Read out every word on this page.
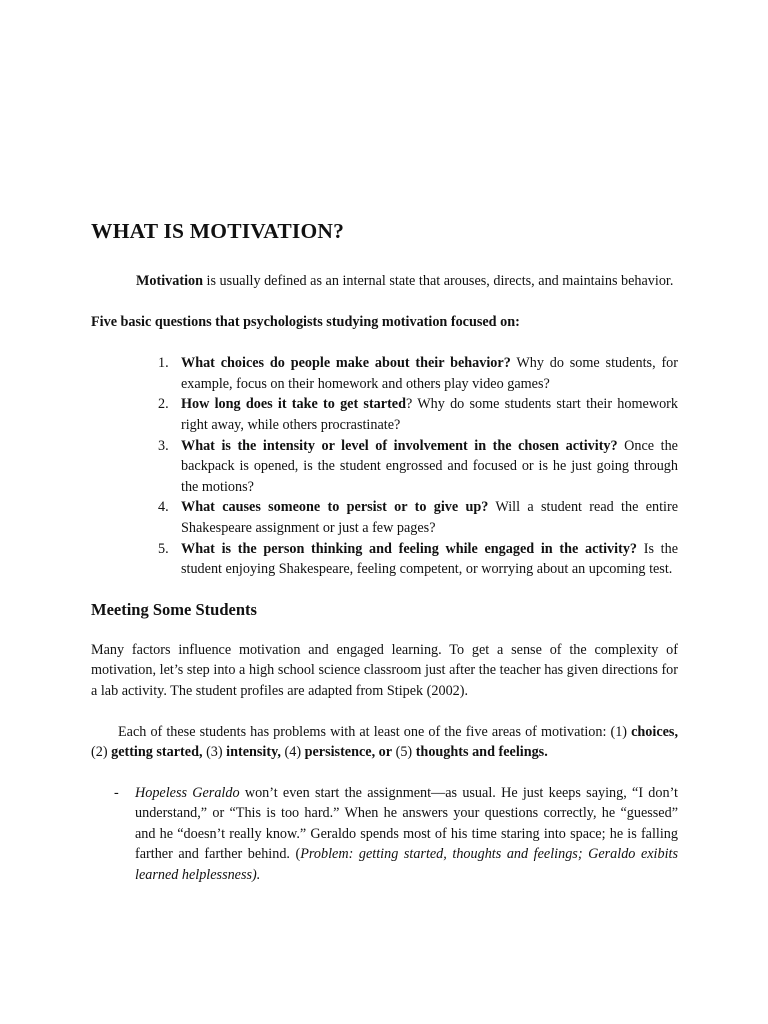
WHAT IS MOTIVATION?

Motivation is usually defined as an internal state that arouses, directs, and maintains behavior.

Five basic questions that psychologists studying motivation focused on:

1. What choices do people make about their behavior? Why do some students, for example, focus on their homework and others play video games?
2. How long does it take to get started? Why do some students start their homework right away, while others procrastinate?
3. What is the intensity or level of involvement in the chosen activity? Once the backpack is opened, is the student engrossed and focused or is he just going through the motions?
4. What causes someone to persist or to give up? Will a student read the entire Shakespeare assignment or just a few pages?
5. What is the person thinking and feeling while engaged in the activity? Is the student enjoying Shakespeare, feeling competent, or worrying about an upcoming test.
Meeting Some Students

Many factors influence motivation and engaged learning. To get a sense of the complexity of motivation, let’s step into a high school science classroom just after the teacher has given directions for a lab activity. The student profiles are adapted from Stipek (2002).

Each of these students has problems with at least one of the five areas of motivation: (1) choices, (2) getting started, (3) intensity, (4) persistence, or (5) thoughts and feelings.

- Hopeless Geraldo won’t even start the assignment—as usual. He just keeps saying, “I don’t understand,” or “This is too hard.” When he answers your questions correctly, he “guessed” and he “doesn’t really know.” Geraldo spends most of his time staring into space; he is falling farther and farther behind. (Problem: getting started, thoughts and feelings; Geraldo exibits learned helplessness).
